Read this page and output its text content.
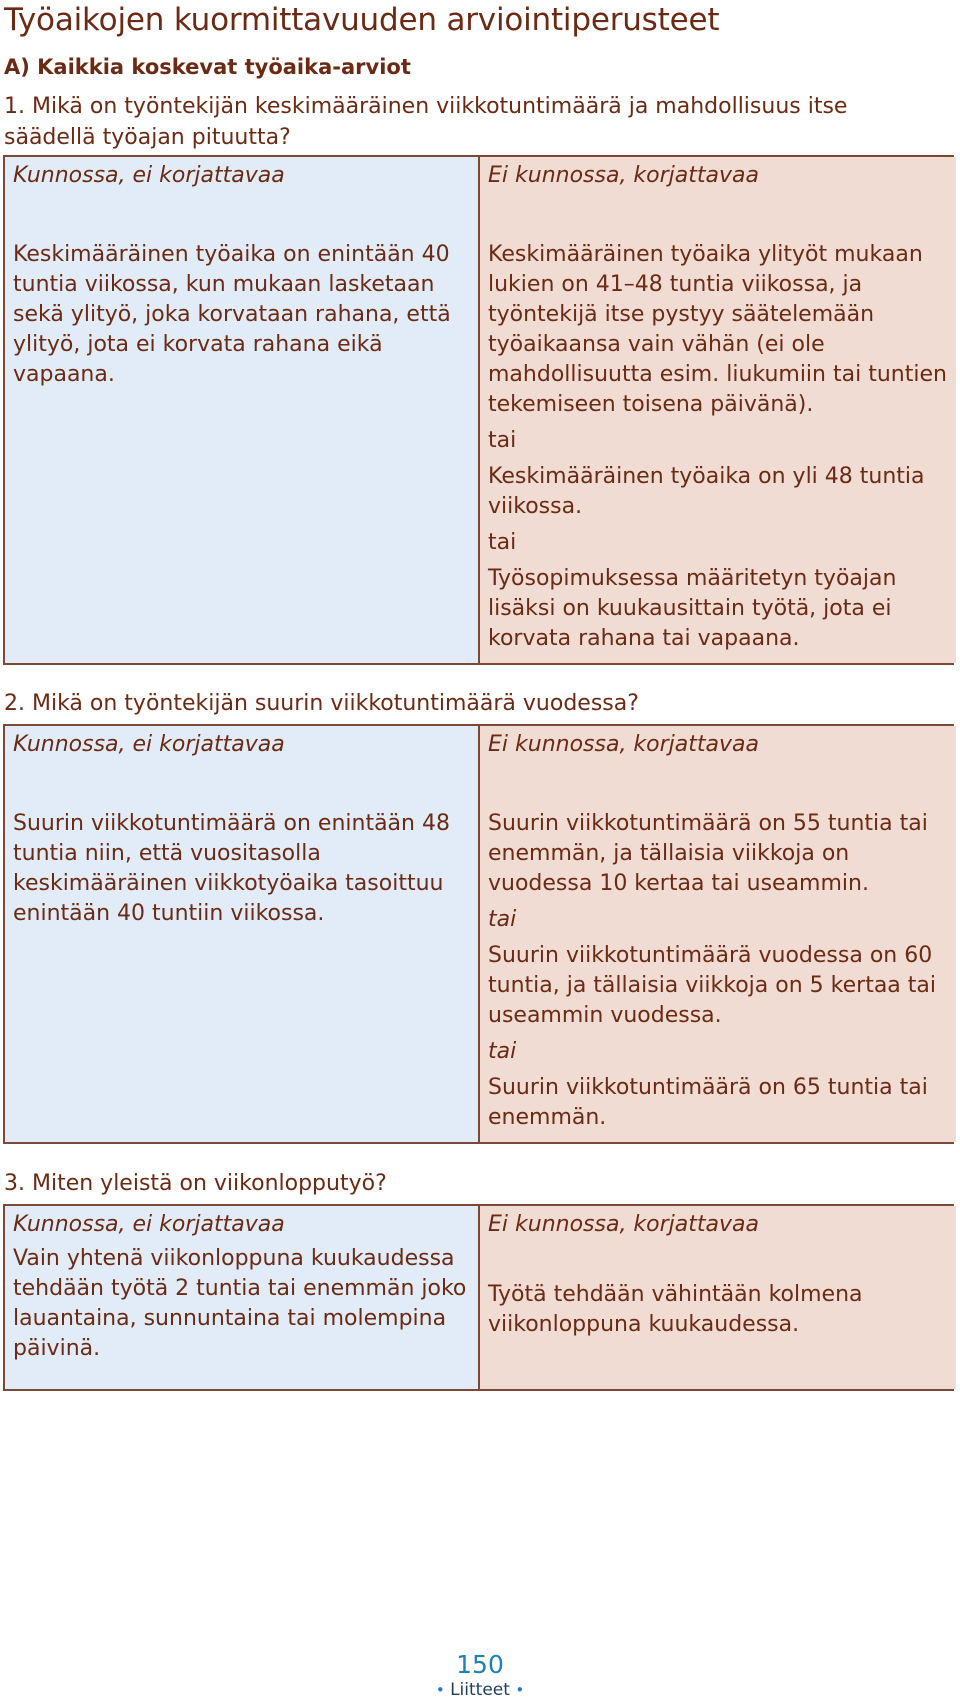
Työaikojen kuormittavuuden arviointiperusteet
A) Kaikkia koskevat työaika-arviot
1. Mikä on työntekijän keskimääräinen viikkotuntimäärä ja mahdollisuus itse säädellä työajan pituutta?
Kunnossa, ei korjattavaa
Keskimääräinen työaika on enintään 40 tuntia viikossa, kun mukaan lasketaan sekä ylityö, joka korvataan rahana, että ylityö, jota ei korvata rahana eikä vapaana.
Ei kunnossa, korjattavaa
Keskimääräinen työaika ylityöt mukaan lukien on 41–48 tuntia viikossa, ja työntekijä itse pystyy säätelemään työaikaansa vain vähän (ei ole mahdollisuutta esim. liukumiin tai tuntien tekemiseen toisena päivänä).
tai
Keskimääräinen työaika on yli 48 tuntia viikossa.
tai
Työsopimuksessa määritetyn työajan lisäksi on kuukausittain työtä, jota ei korvata rahana tai vapaana.
2. Mikä on työntekijän suurin viikkotuntimäärä vuodessa?
Kunnossa, ei korjattavaa
Suurin viikkotuntimäärä on enintään 48 tuntia niin, että vuositasolla keskimääräinen viikkotyöaika tasoittuu enintään 40 tuntiin viikossa.
Ei kunnossa, korjattavaa
Suurin viikkotuntimäärä on 55 tuntia tai enemmän, ja tällaisia viikkoja on vuodessa 10 kertaa tai useammin.
tai
Suurin viikkotuntimäärä vuodessa on 60 tuntia, ja tällaisia viikkoja on 5 kertaa tai useammin vuodessa.
tai
Suurin viikkotuntimäärä on 65 tuntia tai enemmän.
3. Miten yleistä on viikonlopputyö?
Kunnossa, ei korjattavaa
Vain yhtenä viikonloppuna kuukaudessa tehdään työtä 2 tuntia tai enemmän joko lauantaina, sunnuntaina tai molempina päivinä.
Ei kunnossa, korjattavaa
Työtä tehdään vähintään kolmena viikonloppuna kuukaudessa.
150
• Liitteet •
